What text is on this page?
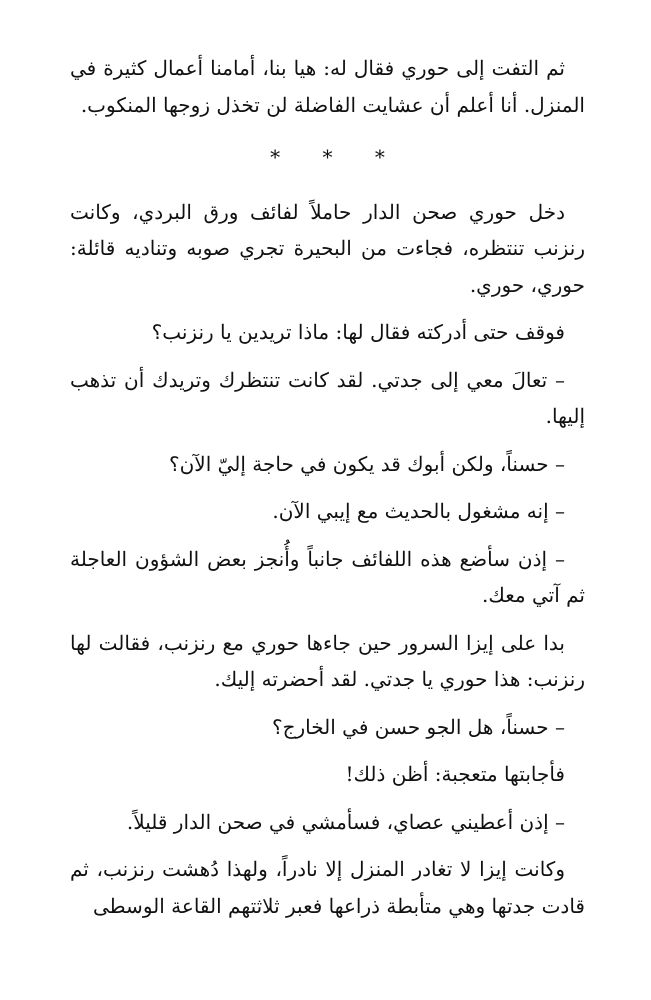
ثم التفت إلى حوري فقال له: هيا بنا، أمامنا أعمال كثيرة في المنزل. أنا أعلم أن عشايت الفاضلة لن تخذل زوجها المنكوب.

* * *

دخل حوري صحن الدار حاملاً لفائف ورق البردي، وكانت رنزنب تنتظره، فجاءت من البحيرة تجري صوبه وتناديه قائلة: حوري، حوري.

فوقف حتى أدركته فقال لها: ماذا تريدين يا رنزنب؟

– تعالَ معي إلى جدتي. لقد كانت تنتظرك وتريدك أن تذهب إليها.

– حسناً، ولكن أبوك قد يكون في حاجة إليّ الآن؟

– إنه مشغول بالحديث مع إيبي الآن.

– إذن سأضع هذه اللفائف جانباً وأُنجز بعض الشؤون العاجلة ثم آتي معك.

بدا على إيزا السرور حين جاءها حوري مع رنزنب، فقالت لها رنزنب: هذا حوري يا جدتي. لقد أحضرته إليك.

– حسناً، هل الجو حسن في الخارج؟

فأجابتها متعجبة: أظن ذلك!

– إذن أعطيني عصاي، فسأمشي في صحن الدار قليلاً.

وكانت إيزا لا تغادر المنزل إلا نادراً، ولهذا دُهشت رنزنب، ثم قادت جدتها وهي متأبطة ذراعها فعبر ثلاثتهم القاعة الوسطى
